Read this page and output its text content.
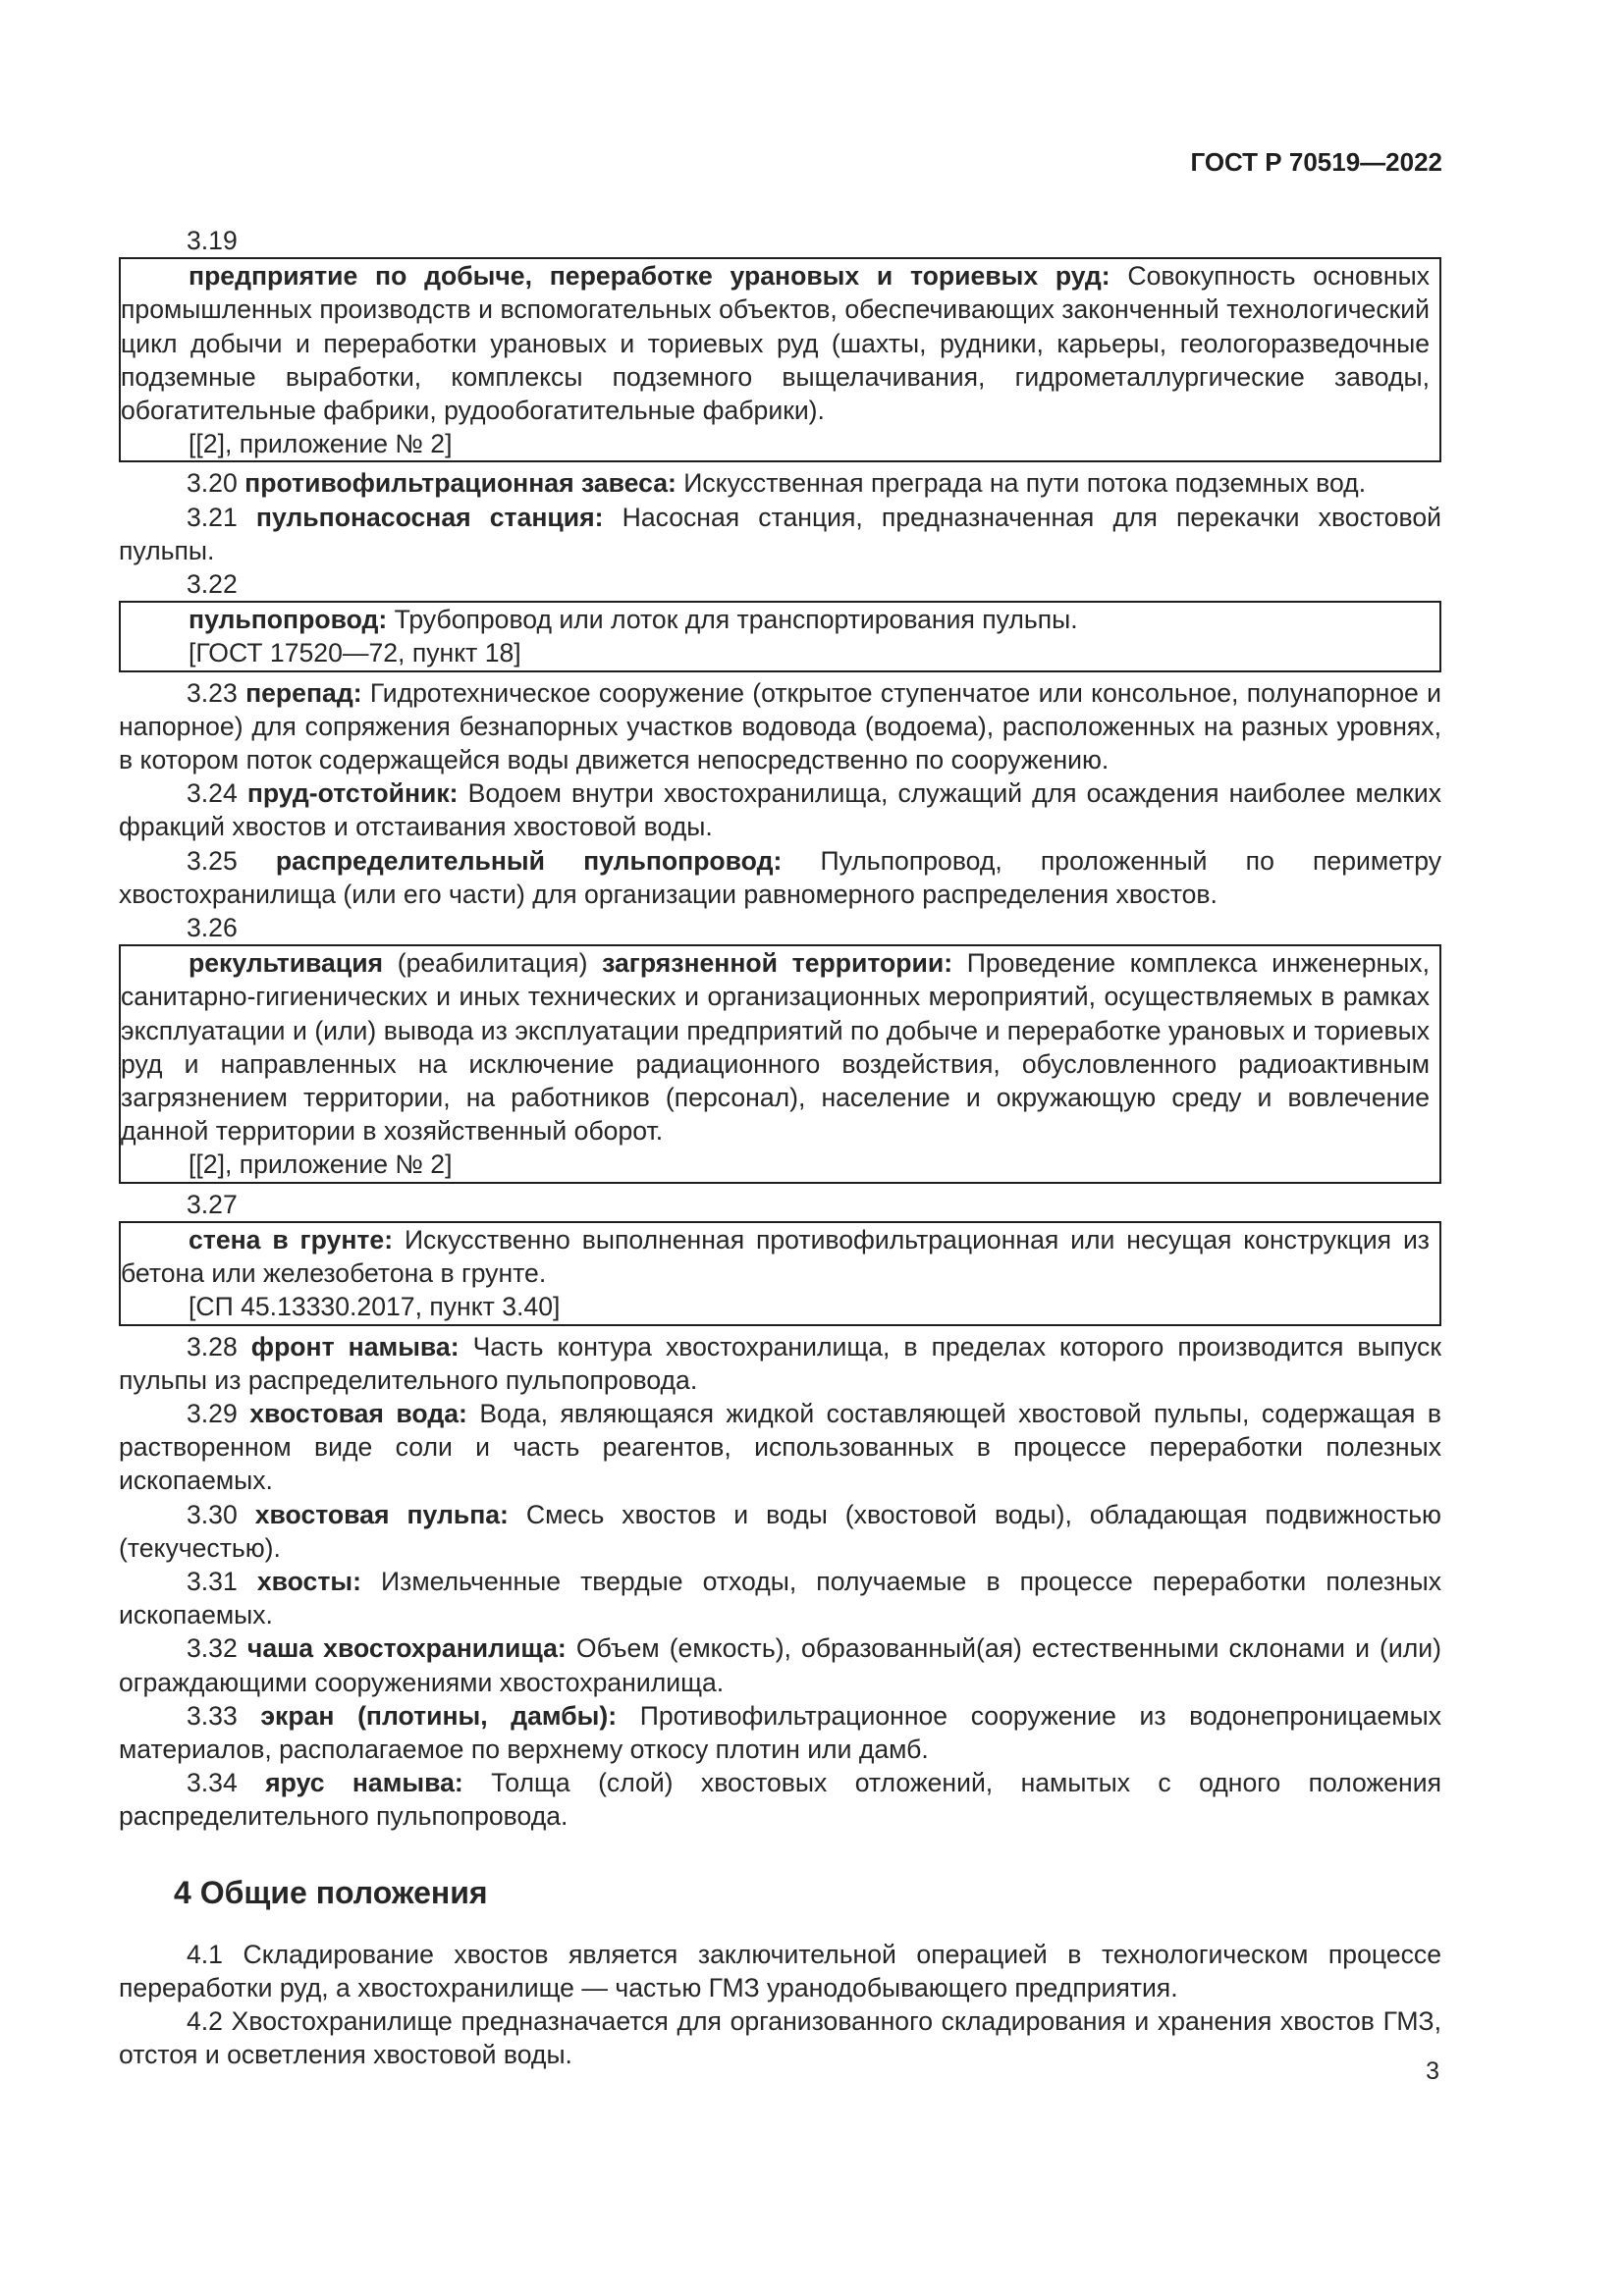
ГОСТ Р 70519—2022

3.19

предприятие по добыче, переработке урановых и ториевых руд: Совокупность основных промышленных производств и вспомогательных объектов, обеспечивающих законченный технологический цикл добычи и переработки урановых и ториевых руд (шахты, рудники, карьеры, геологоразведочные подземные выработки, комплексы подземного выщелачивания, гидрометаллургические заводы, обогатительные фабрики, рудообогатительные фабрики).

[[2], приложение № 2]

3.20 противофильтрационная завеса: Искусственная преграда на пути потока подземных вод.

3.21 пульпонасосная станция: Насосная станция, предназначенная для перекачки хвостовой пульпы.

3.22

пульпопровод: Трубопровод или лоток для транспортирования пульпы.

[ГОСТ 17520—72, пункт 18]

3.23 перепад: Гидротехническое сооружение (открытое ступенчатое или консольное, полунапорное и напорное) для сопряжения безнапорных участков водовода (водоема), расположенных на разных уровнях, в котором поток содержащейся воды движется непосредственно по сооружению.

3.24 пруд-отстойник: Водоем внутри хвостохранилища, служащий для осаждения наиболее мелких фракций хвостов и отстаивания хвостовой воды.

3.25 распределительный пульпопровод: Пульпопровод, проложенный по периметру хвостохранилища (или его части) для организации равномерного распределения хвостов.

3.26

рекультивация (реабилитация) загрязненной территории: Проведение комплекса инженерных, санитарно-гигиенических и иных технических и организационных мероприятий, осуществляемых в рамках эксплуатации и (или) вывода из эксплуатации предприятий по добыче и переработке урановых и ториевых руд и направленных на исключение радиационного воздействия, обусловленного радиоактивным загрязнением территории, на работников (персонал), население и окружающую среду и вовлечение данной территории в хозяйственный оборот.

[[2], приложение № 2]

3.27

стена в грунте: Искусственно выполненная противофильтрационная или несущая конструкция из бетона или железобетона в грунте.

[СП 45.13330.2017, пункт 3.40]

3.28 фронт намыва: Часть контура хвостохранилища, в пределах которого производится выпуск пульпы из распределительного пульпопровода.

3.29 хвостовая вода: Вода, являющаяся жидкой составляющей хвостовой пульпы, содержащая в растворенном виде соли и часть реагентов, использованных в процессе переработки полезных ископаемых.

3.30 хвостовая пульпа: Смесь хвостов и воды (хвостовой воды), обладающая подвижностью (текучестью).

3.31 хвосты: Измельченные твердые отходы, получаемые в процессе переработки полезных ископаемых.

3.32 чаша хвостохранилища: Объем (емкость), образованный(ая) естественными склонами и (или) ограждающими сооружениями хвостохранилища.

3.33 экран (плотины, дамбы): Противофильтрационное сооружение из водонепроницаемых материалов, располагаемое по верхнему откосу плотин или дамб.

3.34 ярус намыва: Толща (слой) хвостовых отложений, намытых с одного положения распределительного пульпопровода.

4 Общие положения

4.1 Складирование хвостов является заключительной операцией в технологическом процессе переработки руд, а хвостохранилище — частью ГМЗ уранодобывающего предприятия.

4.2 Хвостохранилище предназначается для организованного складирования и хранения хвостов ГМЗ, отстоя и осветления хвостовой воды.

3
